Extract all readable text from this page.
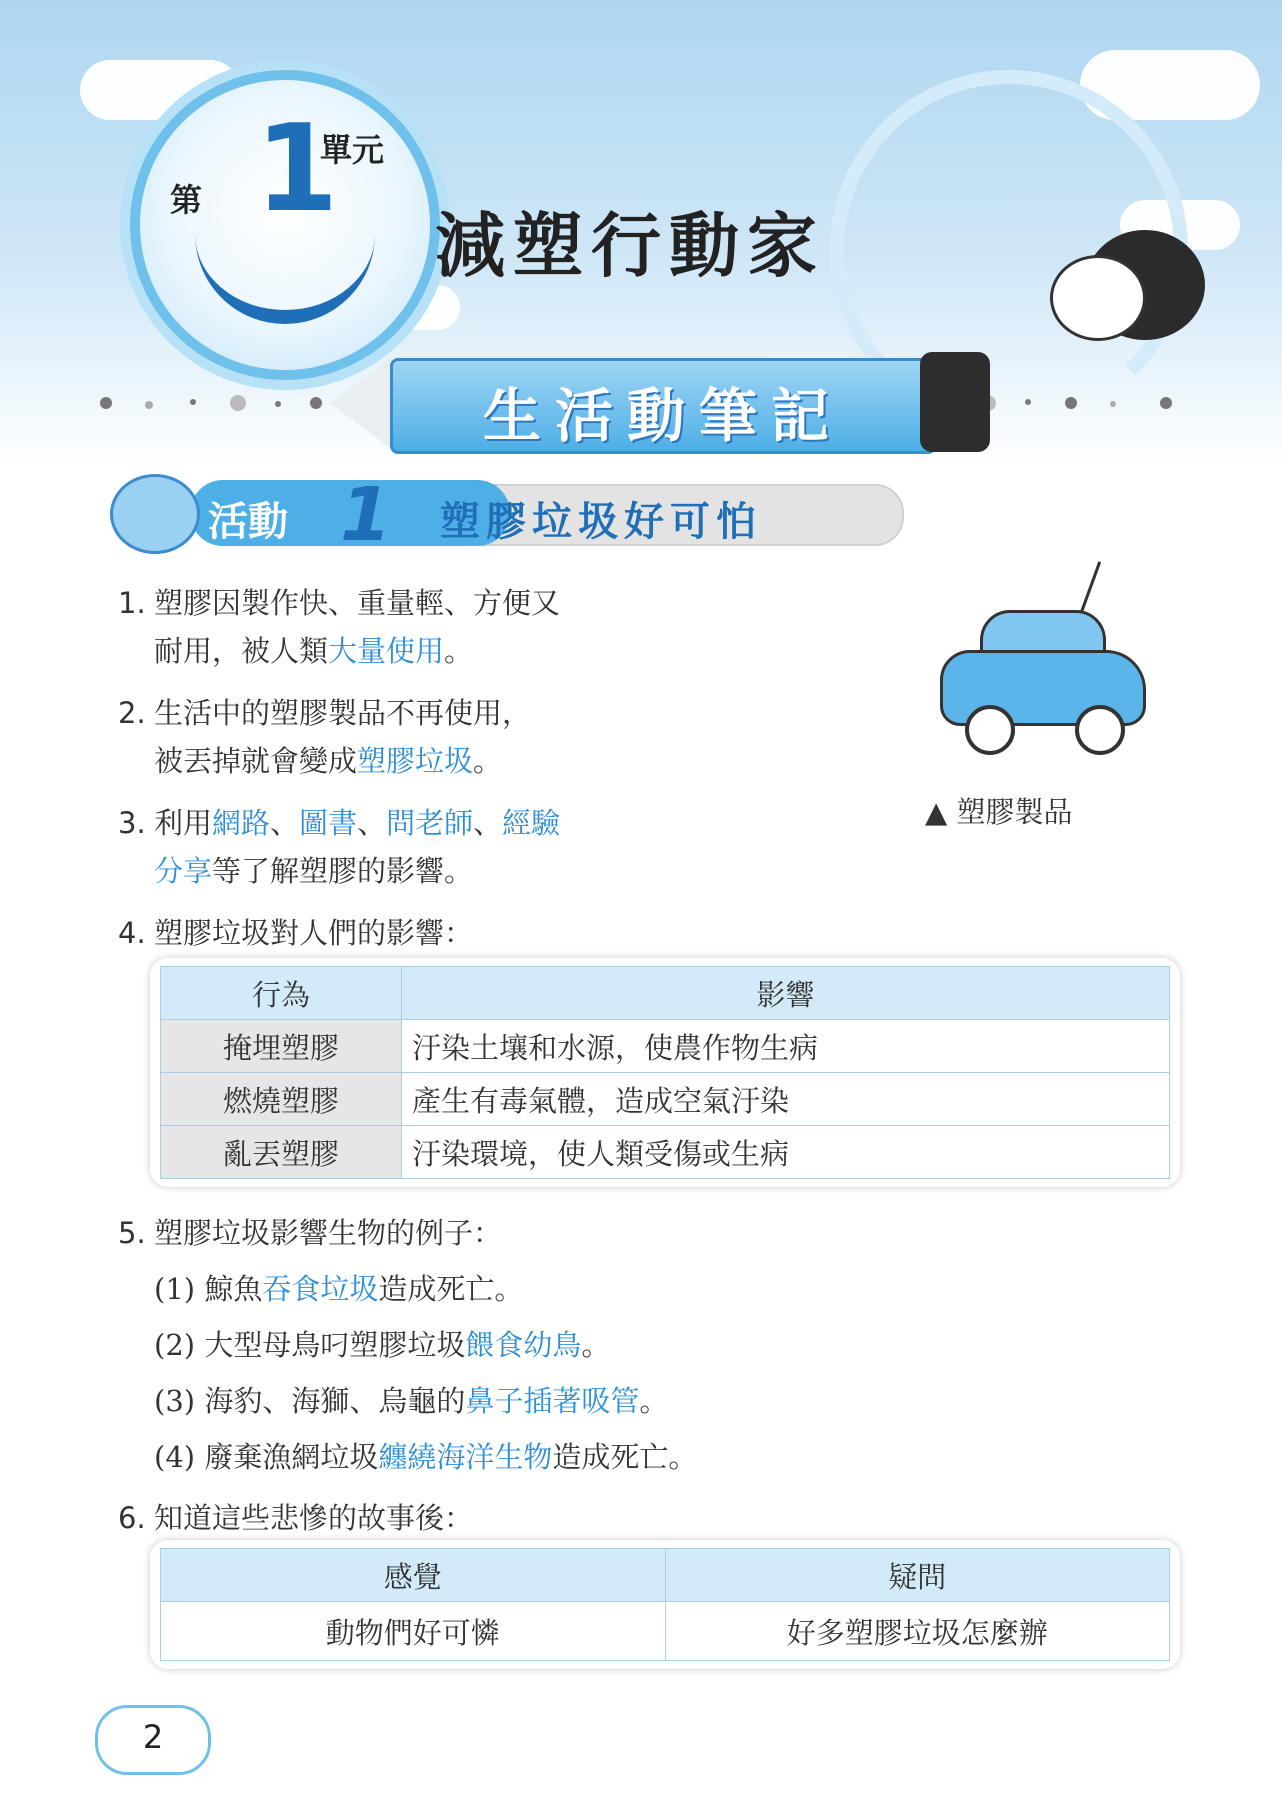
第 1
單元
減塑行動家
生活動筆記
活動 1 塑膠垃圾好可怕
▲ 塑膠製品
1. 塑膠因製作快、重量輕、方便又
耐用，被人類大量使用。
2. 生活中的塑膠製品不再使用，
被丟掉就會變成塑膠垃圾。
3. 利用網路、圖書、問老師、經驗
分享等了解塑膠的影響。
4. 塑膠垃圾對人們的影響：
5. 塑膠垃圾影響生物的例子：
(1) 鯨魚吞食垃圾造成死亡。
(2) 大型母鳥叼塑膠垃圾餵食幼鳥。
(3) 海豹、海獅、烏龜的鼻子插著吸管。
(4) 廢棄漁網垃圾纏繞海洋生物造成死亡。
6. 知道這些悲慘的故事後：
行為	影響
掩埋塑膠	汙染土壤和水源，使農作物生病
燃燒塑膠	產生有毒氣體，造成空氣汙染
亂丟塑膠	汙染環境，使人類受傷或生病
感覺	疑問
動物們好可憐	好多塑膠垃圾怎麼辦
2
